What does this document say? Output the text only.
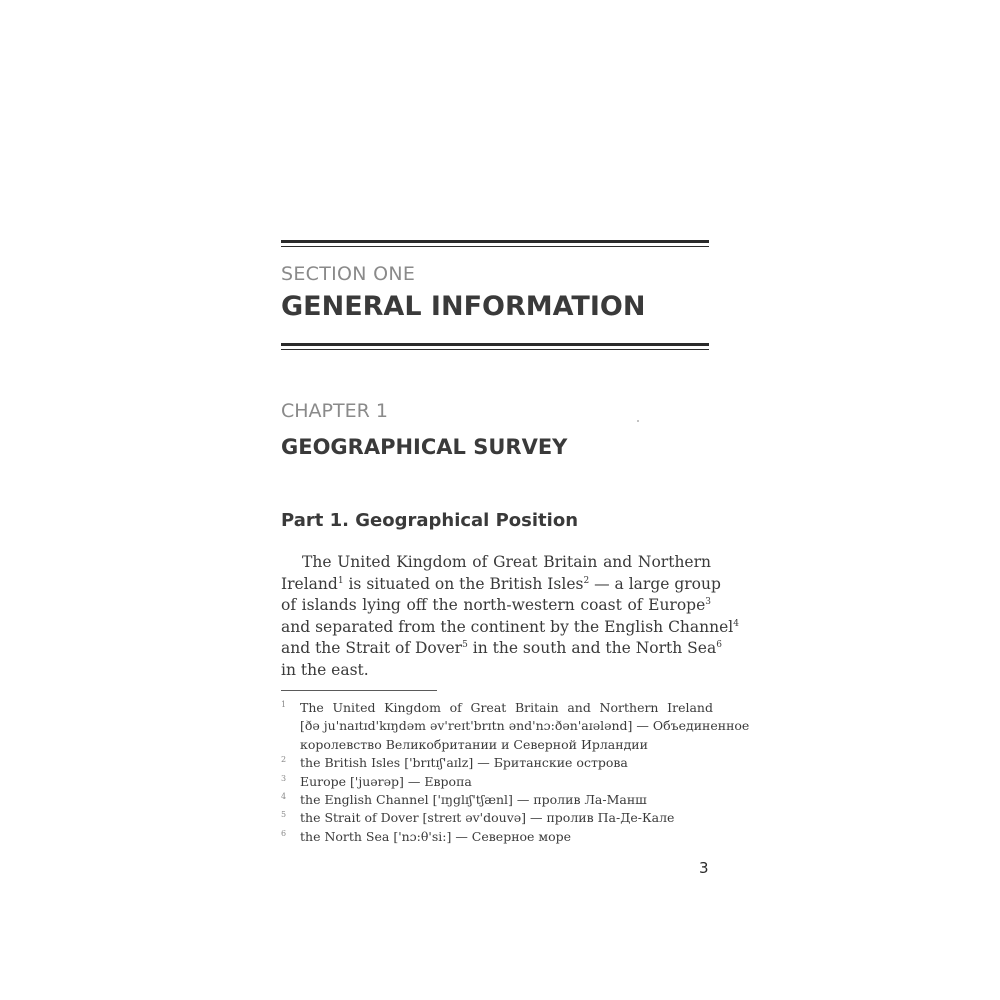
SECTION ONE
GENERAL INFORMATION
CHAPTER 1
GEOGRAPHICAL SURVEY
Part 1. Geographical Position
The United Kingdom of Great Britain and Northern
Ireland$^1$ is situated on the British Isles$^2$ — a large group
of islands lying off the north-western coast of Europe$^3$
and separated from the continent by the English Channel$^4$
and the Strait of Dover$^5$ in the south and the North Sea$^6$
in the east.
1 The United Kingdom of Great Britain and Northern Ireland
[ðə ju'naɪtɪd'kɪŋdəm əv'reɪt'brɪtn ənd'nɔ:ðən'aɪələnd] — Объединенное
королевство Великобритании и Северной Ирландии
2 the British Isles ['brɪtɪʃ'aɪlz] — Британские острова
3 Europe ['juərəp] — Европа
4 the English Channel ['ɪŋglɪʃ'tʃænl] — пролив Ла-Манш
5 the Strait of Dover [streɪt əv'douvə] — пролив Па-Де-Кале
6 the North Sea ['nɔ:θ'si:] — Северное море
3
